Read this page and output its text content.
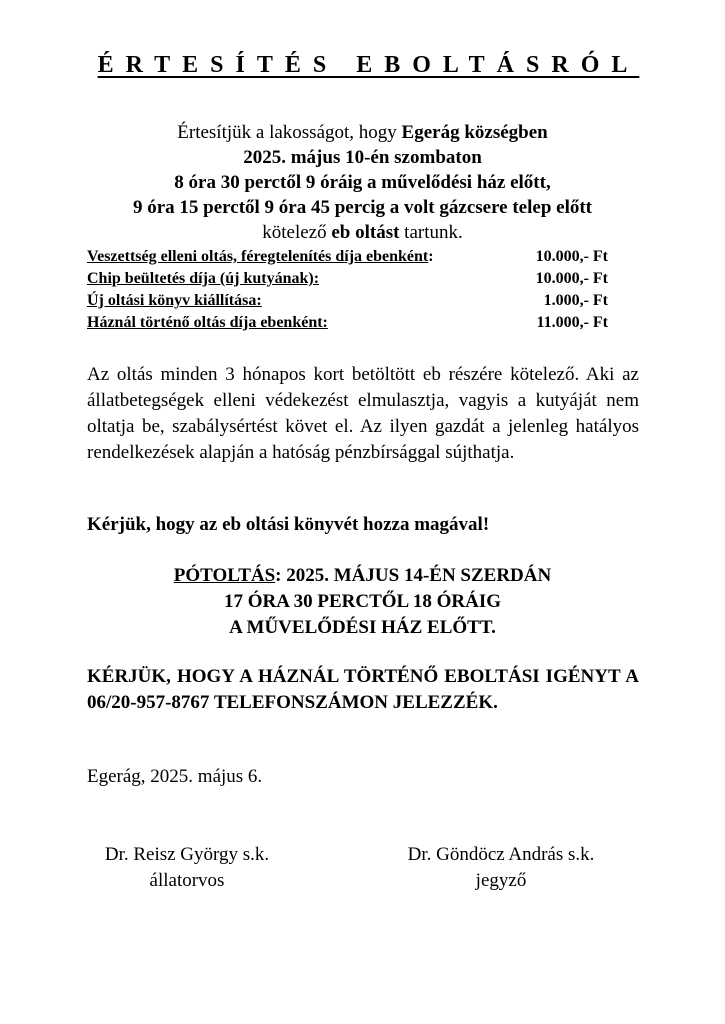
ÉRTESÍTÉS EBOLTÁSRÓL
Értesítjük a lakosságot, hogy Egerág községben
2025. május 10-én szombaton
8 óra 30 perctől 9 óráig a művelődési ház előtt,
9 óra 15 perctől 9 óra 45 percig a volt gázcsere telep előtt
kötelező eb oltást tartunk.
Veszettség elleni oltás, féregtelenítés díja ebenként:	10.000,- Ft
Chip beültetés díja (új kutyának):	10.000,- Ft
Új oltási könyv kiállítása:	1.000,- Ft
Háznál történő oltás díja ebenként:	11.000,- Ft
Az oltás minden 3 hónapos kort betöltött eb részére kötelező. Aki az állatbetegségek elleni védekezést elmulasztja, vagyis a kutyáját nem oltatja be, szabálysértést követ el. Az ilyen gazdát a jelenleg hatályos rendelkezések alapján a hatóság pénzbírsággal sújthatja.
Kérjük, hogy az eb oltási könyvét hozza magával!
PÓTOLTÁS: 2025. MÁJUS 14-ÉN SZERDÁN
17 ÓRA 30 PERCTŐL 18 ÓRÁIG
A MŰVELŐDÉSI HÁZ ELŐTT.
KÉRJÜK, HOGY A HÁZNÁL TÖRTÉNŐ EBOLTÁSI IGÉNYT A 06/20-957-8767 TELEFONSZÁMON JELEZZÉK.
Egerág, 2025. május 6.
Dr. Reisz György s.k.
állatorvos
Dr. Göndöcz András s.k.
jegyző
